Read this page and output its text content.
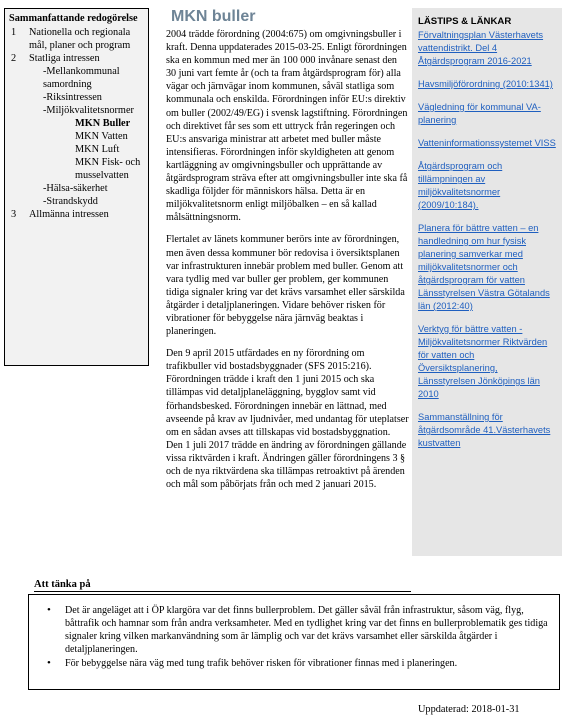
Sammanfattande redogörelse
1 Nationella och regionala mål, planer och program
2 Statliga intressen
-Mellankommunal samordning
-Riksintressen
-Miljökvalitetsnormer
MKN Buller
MKN Vatten
MKN Luft
MKN Fisk- och musselvatten
-Hälsa-säkerhet
-Strandskydd
3 Allmänna intressen
MKN buller

2004 trädde förordning (2004:675) om omgivningsbuller i kraft. Denna uppdaterades 2015-03-25. Enligt förordningen ska en kommun med mer än 100 000 invånare senast den 30 juni vart femte år (och ta fram åtgärdsprogram för) alla vägar och järnvägar inom kommunen, såväl statliga som kommunala och enskilda. Förordningen inför EU:s direktiv om buller (2002/49/EG) i svensk lagstiftning. Förordningen och direktivet får ses som ett uttryck från regeringen och EU:s ansvariga ministrar att arbetet med buller måste intensifieras. Förordningen inför skyldigheten att genom kartläggning av omgivningsbuller och upprättande av åtgärdsprogram sträva efter att omgivningsbuller inte ska få skadliga följder för människors hälsa. Detta är en miljökvalitetsnorm enligt miljöbalken – en så kallad målsättningsnorm.

Flertalet av länets kommuner berörs inte av förordningen, men även dessa kommuner bör redovisa i översiktsplanen var infrastrukturen innebär problem med buller. Genom att vara tydlig med var buller ger problem, ger kommunen tidiga signaler kring var det krävs varsamhet eller särskilda åtgärder i detaljplaneringen. Vidare behöver risken för vibrationer för bebyggelse nära järnväg beaktas i planeringen.

Den 9 april 2015 utfärdades en ny förordning om trafikbuller vid bostadsbyggnader (SFS 2015:216). Förordningen trädde i kraft den 1 juni 2015 och ska tillämpas vid detaljplaneläggning, bygglov samt vid förhandsbesked. Förordningen innebär en lättnad, med avseende på krav av ljudnivåer, med undantag för uteplatser om en sådan avses att tillskapas vid bostadsbyggnation. Den 1 juli 2017 trädde en ändring av förordningen gällande vissa riktvärden i kraft. Ändringen gäller förordningens 3 § och de nya riktvärdena ska tillämpas retroaktivt på ärenden och mål som påbörjats från och med 2 januari 2015.

LÄSTIPS & LÄNKAR
Förvaltningsplan Västerhavets vattendistrikt. Del 4 Åtgärdsprogram 2016-2021
Havsmiljöförordning (2010:1341)
Vägledning för kommunal VA-planering
Vatteninformationssystemet VISS
Åtgärdsprogram och tillämpningen av miljökvalitetsnormer (2009/10:184).
Planera för bättre vatten – en handledning om hur fysisk planering samverkar med miljökvalitetsnormer och åtgärdsprogram för vatten Länsstyrelsen Västra Götalands län (2012:40)
Verktyg för bättre vatten - Miljökvalitetsnormer Riktvärden för vatten och Översiktsplanering, Länsstyrelsen Jönköpings län 2010
Sammanställning för åtgärdsområde 41.Västerhavets kustvatten
Att tänka på
• Det är angeläget att i ÖP klargöra var det finns bullerproblem. Det gäller såväl från infrastruktur, såsom väg, flyg, båttrafik och hamnar som från andra verksamheter. Med en tydlighet kring var det finns en bullerproblematik ges tidiga signaler kring vilken markanvändning som är lämplig och var det krävs varsamhet eller särskilda åtgärder i detaljplaneringen.
• För bebyggelse nära väg med tung trafik behöver risken för vibrationer finnas med i planeringen.
Uppdaterad: 2018-01-31
